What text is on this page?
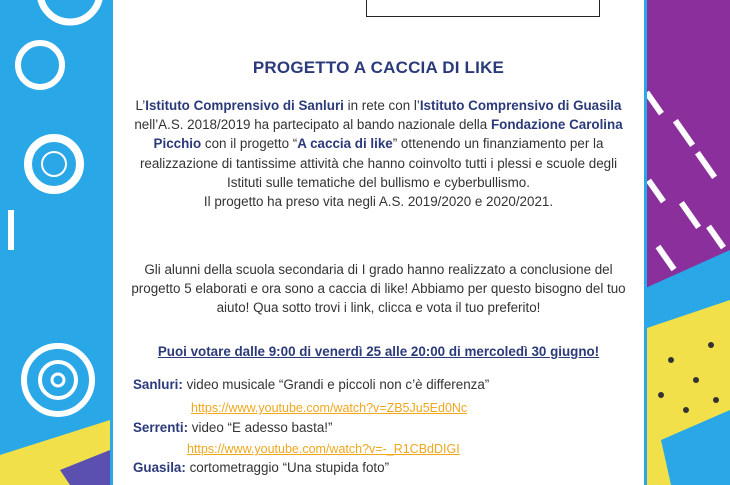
PROGETTO A CACCIA DI LIKE
L’Istituto Comprensivo di Sanluri in rete con l’Istituto Comprensivo di Guasila
nell’A.S. 2018/2019 ha partecipato al bando nazionale della Fondazione Carolina Picchio con il progetto “A caccia di like” ottenendo un finanziamento per la realizzazione di tantissime attività che hanno coinvolto tutti i plessi e scuole degli Istituti sulle tematiche del bullismo e cyberbullismo.
Il progetto ha preso vita negli A.S. 2019/2020 e 2020/2021.
Gli alunni della scuola secondaria di I grado hanno realizzato a conclusione del progetto 5 elaborati e ora sono a caccia di like! Abbiamo per questo bisogno del tuo aiuto! Qua sotto trovi i link, clicca e vota il tuo preferito!
Puoi votare dalle 9:00 di venerdì 25 alle 20:00 di mercoledì 30 giugno!
Sanluri: video musicale “Grandi e piccoli non c’è differenza”
https://www.youtube.com/watch?v=ZB5Ju5Ed0Nc
Serrenti: video “E adesso basta!”
https://www.youtube.com/watch?v=-_R1CBdDIGI
Guasila: cortometraggio “Una stupida foto”
